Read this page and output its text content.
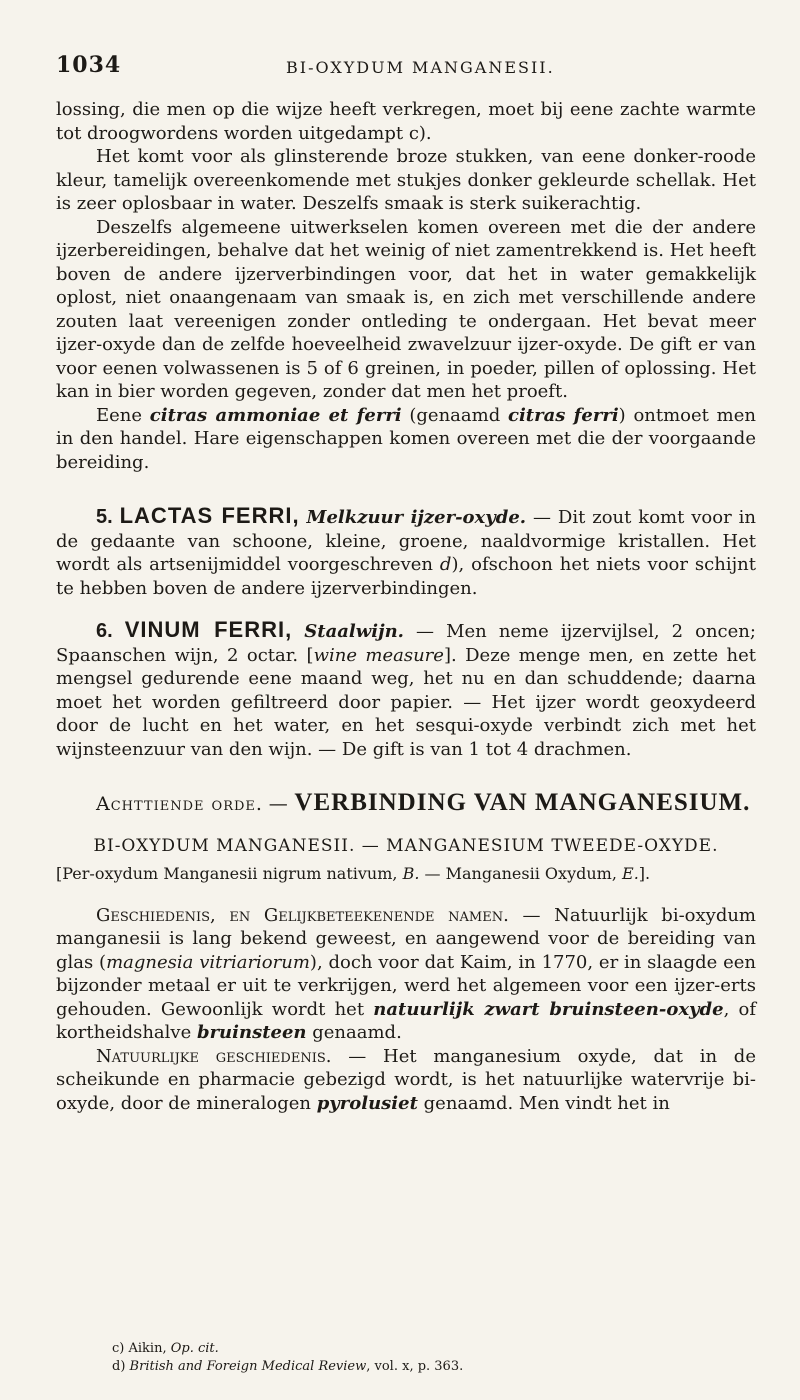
1034	BI-OXYDUM MANGANESII.

lossing, die men op die wijze heeft verkregen, moet bij eene zachte warmte tot droogwordens worden uitgedampt c).

Het komt voor als glinsterende broze stukken, van eene donker-roode kleur, tamelijk overeenkomende met stukjes donker gekleurde schellak. Het is zeer oplosbaar in water. Deszelfs smaak is sterk suikerachtig.

Deszelfs algemeene uitwerkselen komen overeen met die der andere ijzerbereidingen, behalve dat het weinig of niet zamentrekkend is. Het heeft boven de andere ijzerverbindingen voor, dat het in water gemakkelijk oplost, niet onaangenaam van smaak is, en zich met verschillende andere zouten laat vereenigen zonder ontleding te ondergaan. Het bevat meer ijzer-oxyde dan de zelfde hoeveelheid zwavelzuur ijzer-oxyde. De gift er van voor eenen volwassenen is 5 of 6 greinen, in poeder, pillen of oplossing. Het kan in bier worden gegeven, zonder dat men het proeft.

Eene citras ammoniae et ferri (genaamd citras ferri) ontmoet men in den handel. Hare eigenschappen komen overeen met die der voorgaande bereiding.

5. LACTAS FERRI, Melkzuur ijzer-oxyde. — Dit zout komt voor in de gedaante van schoone, kleine, groene, naaldvormige kristallen. Het wordt als artsenijmiddel voorgeschreven d), ofschoon het niets voor schijnt te hebben boven de andere ijzerverbindingen.

6. VINUM FERRI, Staalwijn. — Men neme ijzervijlsel, 2 oncen; Spaanschen wijn, 2 octar. [wine measure]. Deze menge men, en zette het mengsel gedurende eene maand weg, het nu en dan schuddende; daarna moet het worden gefiltreerd door papier. — Het ijzer wordt geoxydeerd door de lucht en het water, en het sesqui-oxyde verbindt zich met het wijnsteenzuur van den wijn. — De gift is van 1 tot 4 drachmen.

Achttiende orde. — VERBINDING VAN MANGANESIUM.

BI-OXYDUM MANGANESII. — MANGANESIUM TWEEDE-OXYDE.

[Per-oxydum Manganesii nigrum nativum, B. — Manganesii Oxydum, E.].

Geschiedenis, en Gelijkbeteekenende namen. — Natuurlijk bi-oxydum manganesii is lang bekend geweest, en aangewend voor de bereiding van glas (magnesia vitriariorum), doch voor dat Kaim, in 1770, er in slaagde een bijzonder metaal er uit te verkrijgen, werd het algemeen voor een ijzer-erts gehouden. Gewoonlijk wordt het natuurlijk zwart bruinsteen-oxyde, of kortheidshalve bruinsteen genaamd.

Natuurlijke geschiedenis. — Het manganesium oxyde, dat in de scheikunde en pharmacie gebezigd wordt, is het natuurlijke watervrije bi-oxyde, door de mineralogen pyrolusiet genaamd. Men vindt het in

c) Aikin, Op. cit.
d) British and Foreign Medical Review, vol. x, p. 363.
